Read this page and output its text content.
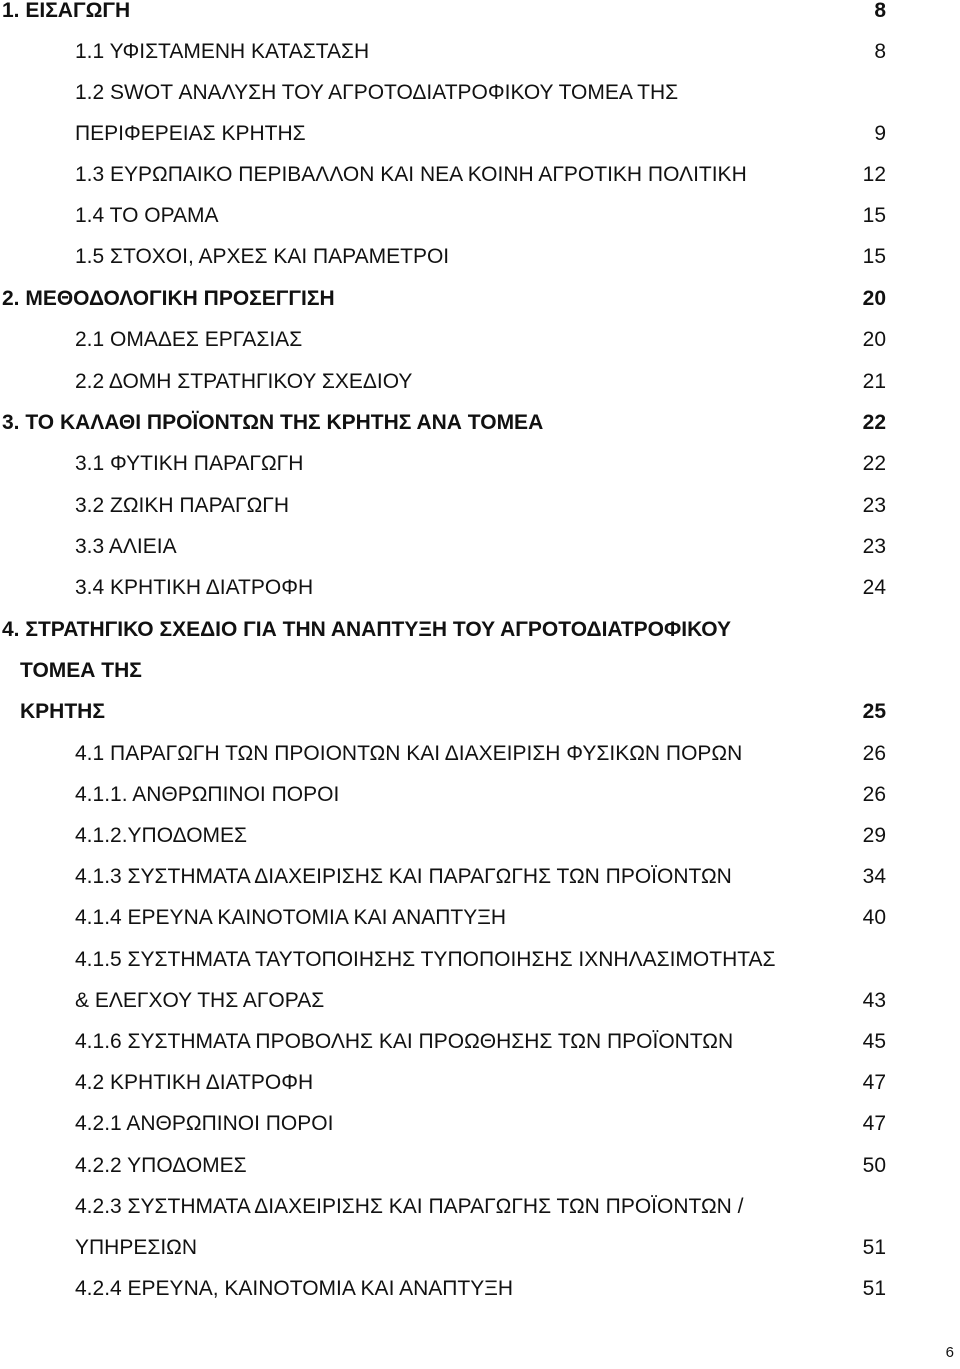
1. ΕΙΣΑΓΩΓΗ	8
1.1 ΥΦΙΣΤΑΜΕΝΗ ΚΑΤΑΣΤΑΣΗ	8
1.2 SWOT ΑΝΑΛΥΣΗ ΤΟΥ ΑΓΡΟΤΟΔΙΑΤΡΟΦΙΚΟΥ ΤΟΜΕΑ ΤΗΣ
ΠΕΡΙΦΕΡΕΙΑΣ ΚΡΗΤΗΣ	9
1.3 ΕΥΡΩΠΑΙΚΟ ΠΕΡΙΒΑΛΛΟΝ ΚΑΙ ΝΕΑ ΚΟΙΝΗ ΑΓΡΟΤΙΚΗ ΠΟΛΙΤΙΚΗ	12
1.4 ΤΟ ΟΡΑΜΑ	15
1.5 ΣΤΟΧΟΙ, ΑΡΧΕΣ ΚΑΙ ΠΑΡΑΜΕΤΡΟΙ	15
2. ΜΕΘΟΔΟΛΟΓΙΚΗ ΠΡΟΣΕΓΓΙΣΗ	20
2.1 ΟΜΑΔΕΣ ΕΡΓΑΣΙΑΣ	20
2.2 ΔΟΜΗ ΣΤΡΑΤΗΓΙΚΟΥ ΣΧΕΔΙΟΥ	21
3. ΤΟ ΚΑΛΑΘΙ ΠΡΟΪΟΝΤΩΝ ΤΗΣ ΚΡΗΤΗΣ ΑΝΑ ΤΟΜΕΑ	22
3.1 ΦΥΤΙΚΗ ΠΑΡΑΓΩΓΗ	22
3.2 ΖΩΙΚΗ ΠΑΡΑΓΩΓΗ	23
3.3 ΑΛΙΕΙΑ	23
3.4 ΚΡΗΤΙΚΗ ΔΙΑΤΡΟΦΗ	24
4. ΣΤΡΑΤΗΓΙΚΟ ΣΧΕΔΙΟ ΓΙΑ ΤΗΝ ΑΝΑΠΤΥΞΗ ΤΟΥ ΑΓΡΟΤΟΔΙΑΤΡΟΦΙΚΟΥ
ΤΟΜΕΑ ΤΗΣ
ΚΡΗΤΗΣ	25
4.1 ΠΑΡΑΓΩΓΗ ΤΩΝ ΠΡΟΙΟΝΤΩΝ ΚΑΙ ΔΙΑΧΕΙΡΙΣΗ ΦΥΣΙΚΩΝ ΠΟΡΩΝ	26
4.1.1. ΑΝΘΡΩΠΙΝΟΙ ΠΟΡΟΙ	26
4.1.2.ΥΠΟΔΟΜΕΣ	29
4.1.3 ΣΥΣΤΗΜΑΤΑ ΔΙΑΧΕΙΡΙΣΗΣ ΚΑΙ ΠΑΡΑΓΩΓΗΣ ΤΩΝ ΠΡΟΪΟΝΤΩΝ	34
4.1.4 ΕΡΕΥΝΑ ΚΑΙΝΟΤΟΜΙΑ ΚΑΙ ΑΝΑΠΤΥΞΗ	40
4.1.5 ΣΥΣΤΗΜΑΤΑ ΤΑΥΤΟΠΟΙΗΣΗΣ ΤΥΠΟΠΟΙΗΣΗΣ ΙΧΝΗΛΑΣΙΜΟΤΗΤΑΣ
& ΕΛΕΓΧΟΥ ΤΗΣ ΑΓΟΡΑΣ	43
4.1.6 ΣΥΣΤΗΜΑΤΑ ΠΡΟΒΟΛΗΣ ΚΑΙ ΠΡΟΩΘΗΣΗΣ ΤΩΝ ΠΡΟΪΟΝΤΩΝ	45
4.2 ΚΡΗΤΙΚΗ ΔΙΑΤΡΟΦΗ	47
4.2.1 ΑΝΘΡΩΠΙΝΟΙ ΠΟΡΟΙ	47
4.2.2 ΥΠΟΔΟΜΕΣ	50
4.2.3 ΣΥΣΤΗΜΑΤΑ ΔΙΑΧΕΙΡΙΣΗΣ ΚΑΙ ΠΑΡΑΓΩΓΗΣ ΤΩΝ ΠΡΟΪΟΝΤΩΝ /
ΥΠΗΡΕΣΙΩΝ	51
4.2.4 ΕΡΕΥΝΑ, ΚΑΙΝΟΤΟΜΙΑ ΚΑΙ ΑΝΑΠΤΥΞΗ	51
6
